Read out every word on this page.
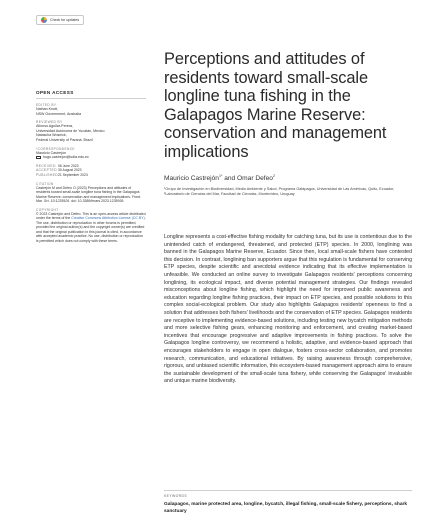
Check for updates
OPEN ACCESS
EDITED BY
Nathan Knott,
NSW Government, Australia
REVIEWED BY
Alfonso Aguilar-Perera,
Universidad Autónoma de Yucatán, Mexico
Natascha Wosnick,
Federal University of Paraná, Brazil
*CORRESPONDENCE
Mauricio Castrejón
hugo.castrejon@udla.edu.ec
RECEIVED 06 June 2023
ACCEPTED30 August 2023
PUBLISHED21 September 2023
CITATION
Castrejón M and Defeo O (2023) Perceptions and attitudes of residents toward small-scale longline tuna fishing in the Galapagos Marine Reserve: conservation and management implications. Front. Mar. Sci. 10:1235926. doi: 10.3389/fmars.2023.1235926
COPYRIGHT
© 2023 Castrejón and Defeo. This is an open-access article distributed under the terms of the Creative Commons Attribution License (CC BY). The use, distribution or reproduction in other forums is permitted, provided the original author(s) and the copyright owner(s) are credited and that the original publication in this journal is cited, in accordance with accepted academic practice. No use, distribution or reproduction is permitted which does not comply with these terms.
Perceptions and attitudes of residents toward small-scale longline tuna fishing in the Galapagos Marine Reserve: conservation and management implications
Mauricio Castrejón$^{1*}$ and Omar Defeo$^2$
¹Grupo de Investigación en Biodiversidad, Medio Ambiente y Salud, Programa Galápagos, Universidad de Las Américas, Quito, Ecuador, ²Laboratorio de Ciencias del Mar, Facultad de Ciencias, Montevideo, Uruguay
Longline represents a cost-effective fishing modality for catching tuna, but its use is contentious due to the unintended catch of endangered, threatened, and protected (ETP) species. In 2000, longlining was banned in the Galapagos Marine Reserve, Ecuador. Since then, local small-scale fishers have contested this decision. In contrast, longlining ban supporters argue that this regulation is fundamental for conserving ETP species, despite scientific and anecdotal evidence indicating that its effective implementation is unfeasible. We conducted an online survey to investigate Galapagos residents' perceptions concerning longlining, its ecological impact, and diverse potential management strategies. Our findings revealed misconceptions about longline fishing, which highlight the need for improved public awareness and education regarding longline fishing practices, their impact on ETP species, and possible solutions to this complex social-ecological problem. Our study also highlights Galapagos residents' openness to find a solution that addresses both fishers' livelihoods and the conservation of ETP species. Galapagos residents are receptive to implementing evidence-based solutions, including testing new bycatch mitigation methods and more selective fishing gears, enhancing monitoring and enforcement, and creating market-based incentives that encourage progressive and adaptive improvements in fishing practices. To solve the Galapagos longline controversy, we recommend a holistic, adaptive, and evidence-based approach that encourages stakeholders to engage in open dialogue, fosters cross-sector collaboration, and promotes research, communication, and educational initiatives. By raising awareness through comprehensive, rigorous, and unbiased scientific information, this ecosystem-based management approach aims to ensure the sustainable development of the small-scale tuna fishery, while conserving the Galapagos' invaluable and unique marine biodiversity.
KEYWORDS
Galapagos, marine protected area, longline, bycatch, illegal fishing, small-scale fishery, perceptions, shark sanctuary
